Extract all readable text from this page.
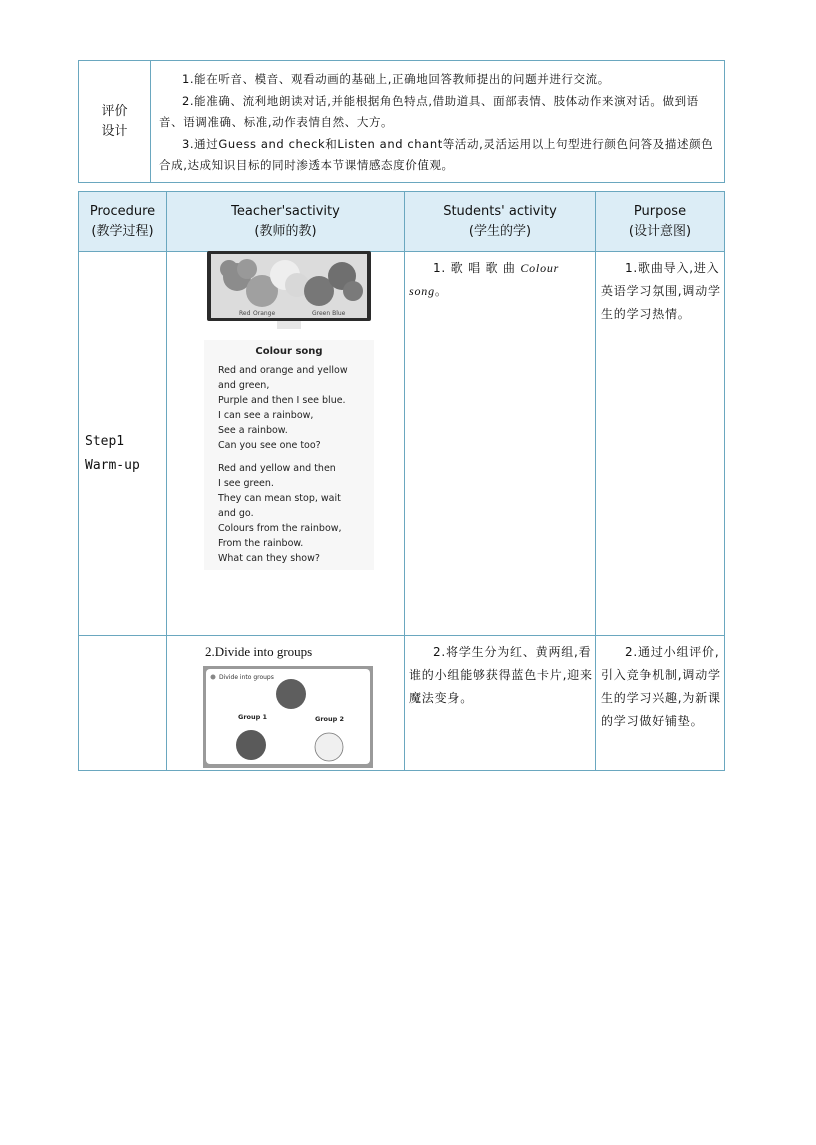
评价
设计

1.能在听音、模音、观看动画的基础上,正确地回答教师提出的问题并进行交流。

2.能准确、流利地朗读对话,并能根据角色特点,借助道具、面部表情、肢体动作来演对话。做到语音、语调准确、标准,动作表情自然、大方。

3.通过Guess and check和Listen and chant等活动,灵活运用以上句型进行颜色问答及描述颜色合成,达成知识目标的同时渗透本节课情感态度价值观。

Procedure
(教学过程)
Teacher'sactivity
(教师的教)
Students' activity
(学生的学)
Purpose
(设计意图)
Step1
Warm-up
Red Orange	Green Blue
Colour song
Red and orange and yellow
and green,
Purple and then I see blue.
I can see a rainbow,
See a rainbow.
Can you see one too?
Red and yellow and then
I see green.
They can mean stop, wait
and go.
Colours from the rainbow,
From the rainbow.
What can they show?
1. 歌 唱 歌 曲 Colour song。
1.歌曲导入,进入英语学习氛围,调动学生的学习热情。
2.Divide into groups
Divide into groups
Group 1	Group 2
2.将学生分为红、黄两组,看谁的小组能够获得蓝色卡片,迎来魔法变身。
2.通过小组评价,引入竞争机制,调动学生的学习兴趣,为新课的学习做好铺垫。
